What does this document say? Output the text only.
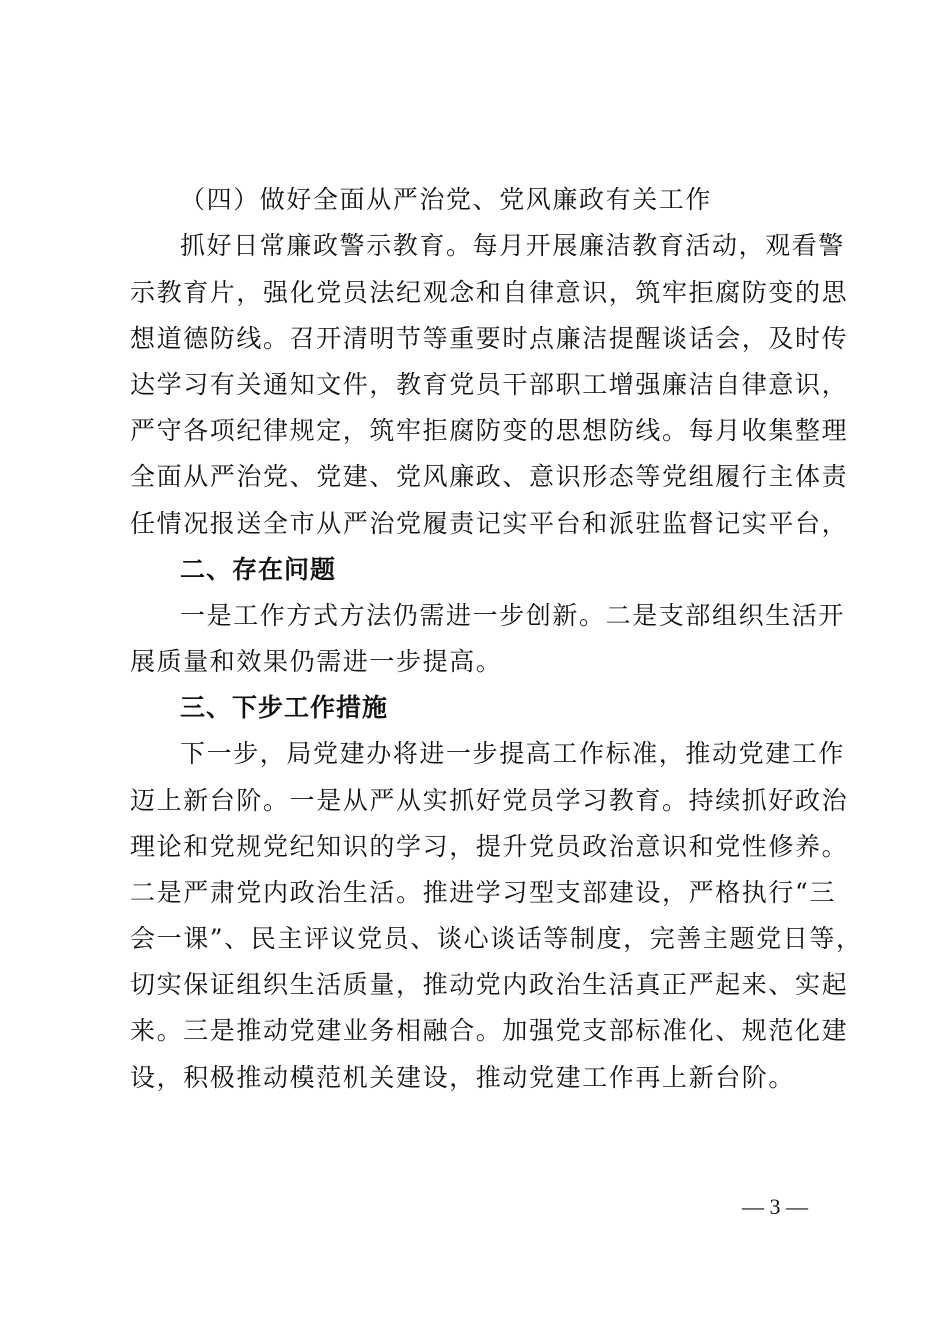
（四）做好全面从严治党、党风廉政有关工作
抓好日常廉政警示教育。每月开展廉洁教育活动，观看警
示教育片，强化党员法纪观念和自律意识，筑牢拒腐防变的思
想道德防线。召开清明节等重要时点廉洁提醒谈话会，及时传
达学习有关通知文件，教育党员干部职工增强廉洁自律意识，
严守各项纪律规定，筑牢拒腐防变的思想防线。每月收集整理
全面从严治党、党建、党风廉政、意识形态等党组履行主体责
任情况报送全市从严治党履责记实平台和派驻监督记实平台，
二、存在问题
一是工作方式方法仍需进一步创新。二是支部组织生活开
展质量和效果仍需进一步提高。
三、下步工作措施
下一步，局党建办将进一步提高工作标准，推动党建工作
迈上新台阶。一是从严从实抓好党员学习教育。持续抓好政治
理论和党规党纪知识的学习，提升党员政治意识和党性修养。
二是严肃党内政治生活。推进学习型支部建设，严格执行“三
会一课”、民主评议党员、谈心谈话等制度，完善主题党日等，
切实保证组织生活质量，推动党内政治生活真正严起来、实起
来。三是推动党建业务相融合。加强党支部标准化、规范化建
设，积极推动模范机关建设，推动党建工作再上新台阶。
— 3 —
